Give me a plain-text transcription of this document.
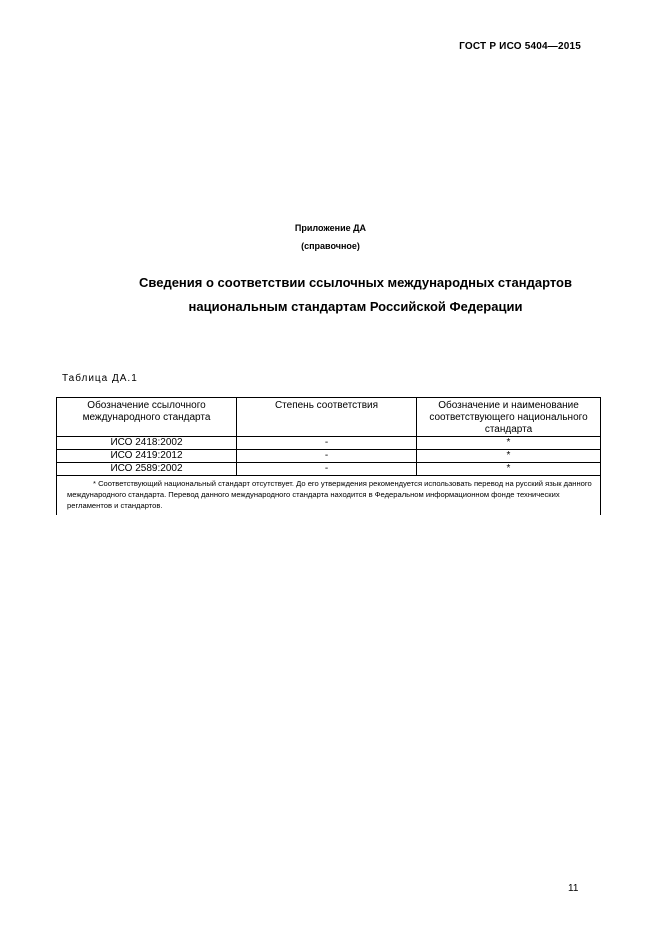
ГОСТ Р ИСО 5404—2015
Приложение ДА
(справочное)
Сведения о соответствии ссылочных международных стандартов
национальным стандартам Российской Федерации
Таблица ДА.1
Обозначение ссылочного международного стандарта	Степень соответствия	Обозначение и наименование соответствующего национального стандарта
ИСО 2418:2002	-	*
ИСО 2419:2012	-	*
ИСО 2589:2002	-	*
* Соответствующий национальный стандарт отсутствует. До его утверждения рекомендуется использовать перевод на русский язык данного международного стандарта. Перевод данного международного стандарта находится в Федеральном информационном фонде технических регламентов и стандартов.		
11
